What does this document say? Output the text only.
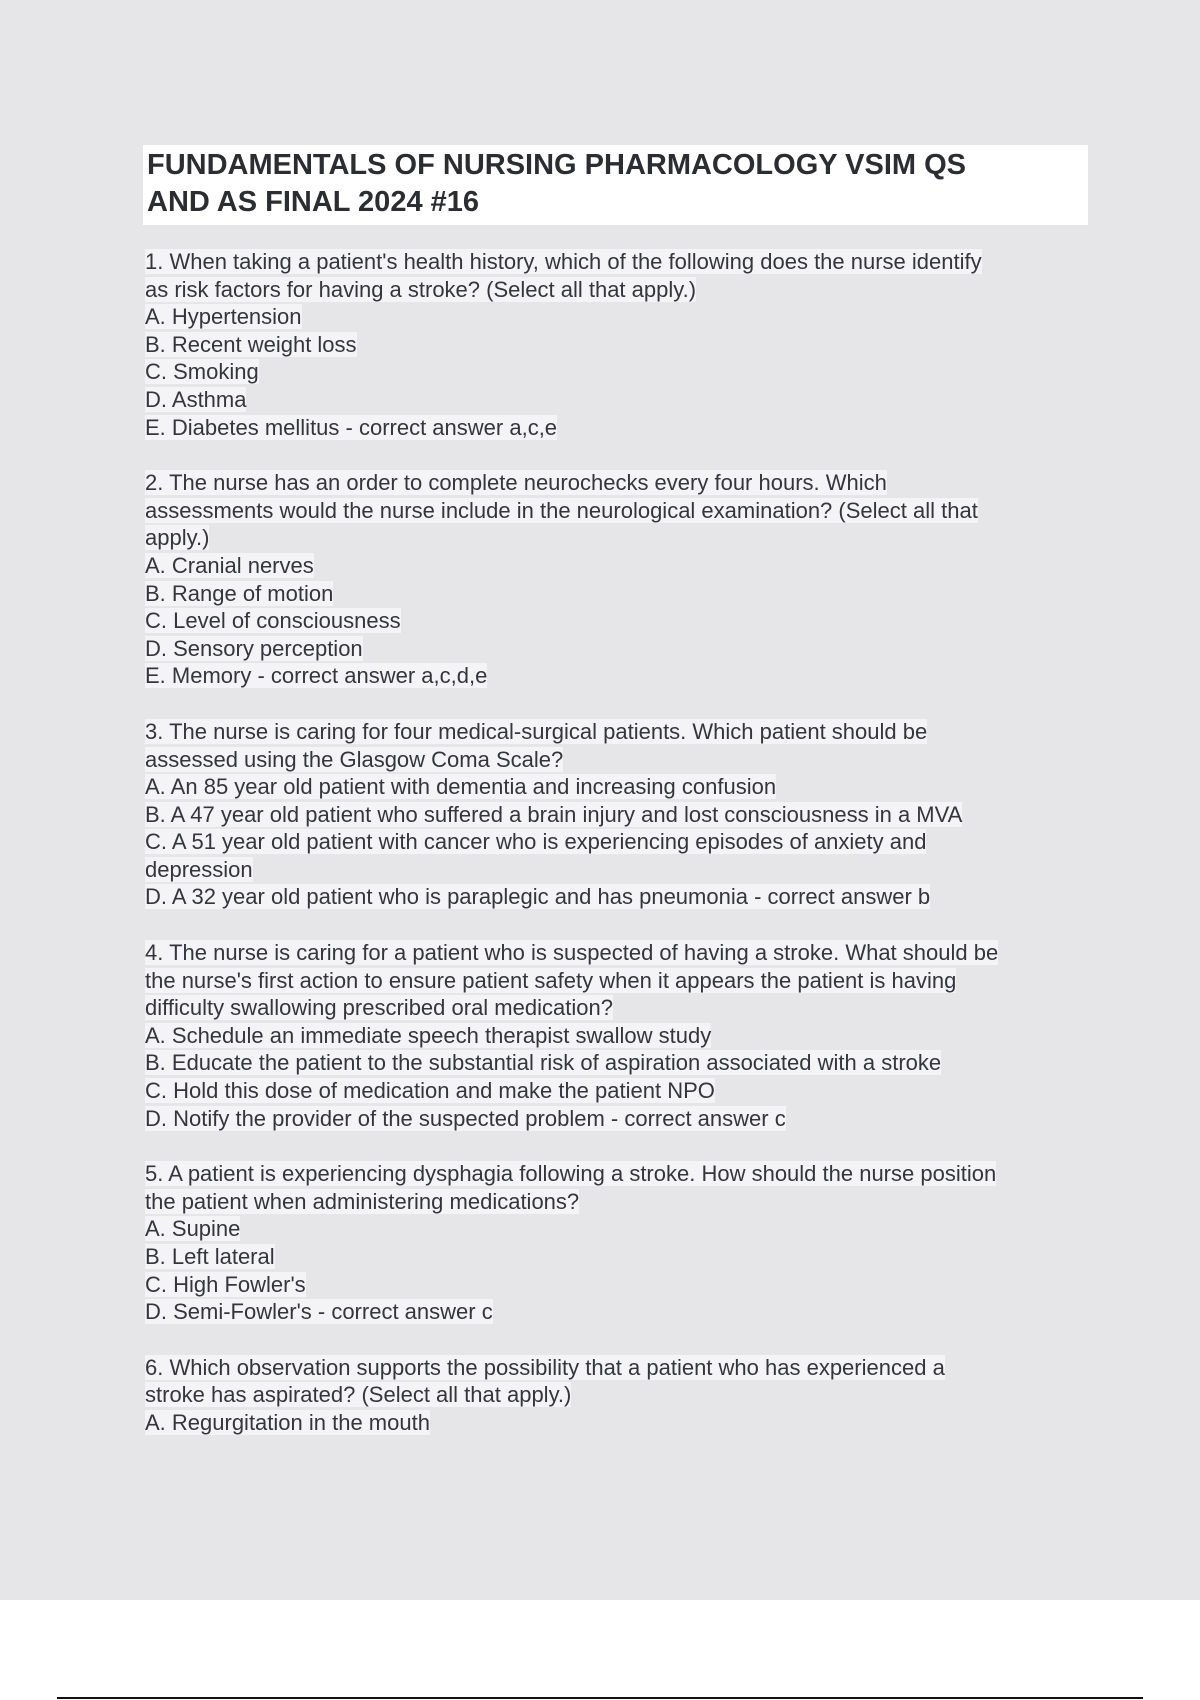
FUNDAMENTALS OF NURSING PHARMACOLOGY VSIM QS
AND AS FINAL 2024 #16
1. When taking a patient's health history, which of the following does the nurse identify
as risk factors for having a stroke? (Select all that apply.)
A. Hypertension
B. Recent weight loss
C. Smoking
D. Asthma
E. Diabetes mellitus - correct answer a,c,e
2. The nurse has an order to complete neurochecks every four hours. Which
assessments would the nurse include in the neurological examination? (Select all that
apply.)
A. Cranial nerves
B. Range of motion
C. Level of consciousness
D. Sensory perception
E. Memory - correct answer a,c,d,e
3. The nurse is caring for four medical-surgical patients. Which patient should be
assessed using the Glasgow Coma Scale?
A. An 85 year old patient with dementia and increasing confusion
B. A 47 year old patient who suffered a brain injury and lost consciousness in a MVA
C. A 51 year old patient with cancer who is experiencing episodes of anxiety and
depression
D. A 32 year old patient who is paraplegic and has pneumonia - correct answer b
4. The nurse is caring for a patient who is suspected of having a stroke. What should be
the nurse's first action to ensure patient safety when it appears the patient is having
difficulty swallowing prescribed oral medication?
A. Schedule an immediate speech therapist swallow study
B. Educate the patient to the substantial risk of aspiration associated with a stroke
C. Hold this dose of medication and make the patient NPO
D. Notify the provider of the suspected problem - correct answer c
5. A patient is experiencing dysphagia following a stroke. How should the nurse position
the patient when administering medications?
A. Supine
B. Left lateral
C. High Fowler's
D. Semi-Fowler's - correct answer c
6. Which observation supports the possibility that a patient who has experienced a
stroke has aspirated? (Select all that apply.)
A. Regurgitation in the mouth
